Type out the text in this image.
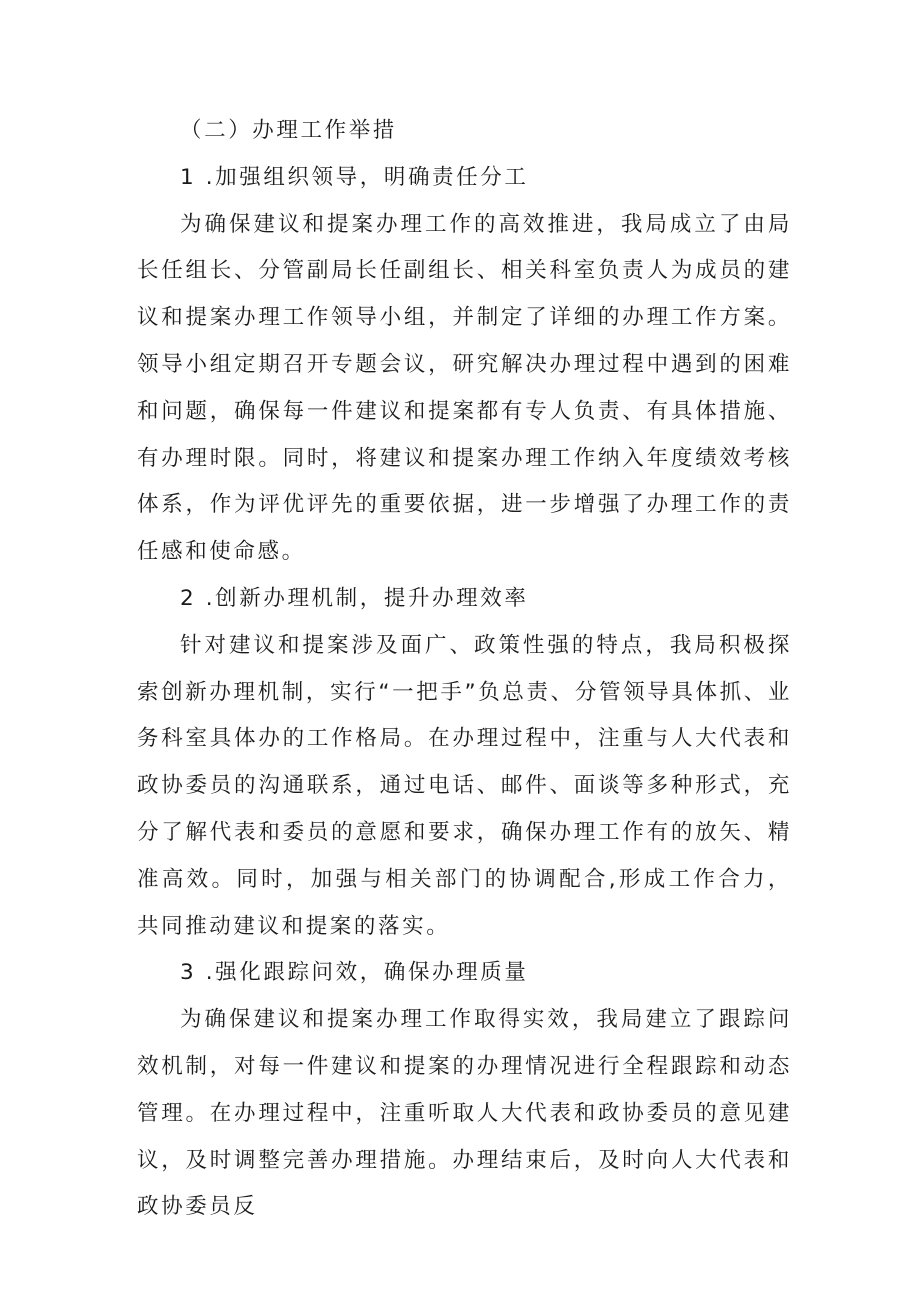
（二）办理工作举措

1 .加强组织领导，明确责任分工

为确保建议和提案办理工作的高效推进，我局成立了由局长任组长、分管副局长任副组长、相关科室负责人为成员的建议和提案办理工作领导小组，并制定了详细的办理工作方案。领导小组定期召开专题会议，研究解决办理过程中遇到的困难和问题，确保每一件建议和提案都有专人负责、有具体措施、有办理时限。同时，将建议和提案办理工作纳入年度绩效考核体系，作为评优评先的重要依据，进一步增强了办理工作的责任感和使命感。

2 .创新办理机制，提升办理效率

针对建议和提案涉及面广、政策性强的特点，我局积极探索创新办理机制，实行“一把手”负总责、分管领导具体抓、业务科室具体办的工作格局。在办理过程中，注重与人大代表和政协委员的沟通联系，通过电话、邮件、面谈等多种形式，充分了解代表和委员的意愿和要求，确保办理工作有的放矢、精准高效。同时，加强与相关部门的协调配合,形成工作合力，共同推动建议和提案的落实。

3 .强化跟踪问效，确保办理质量

为确保建议和提案办理工作取得实效，我局建立了跟踪问效机制，对每一件建议和提案的办理情况进行全程跟踪和动态管理。在办理过程中，注重听取人大代表和政协委员的意见建议，及时调整完善办理措施。办理结束后，及时向人大代表和政协委员反
